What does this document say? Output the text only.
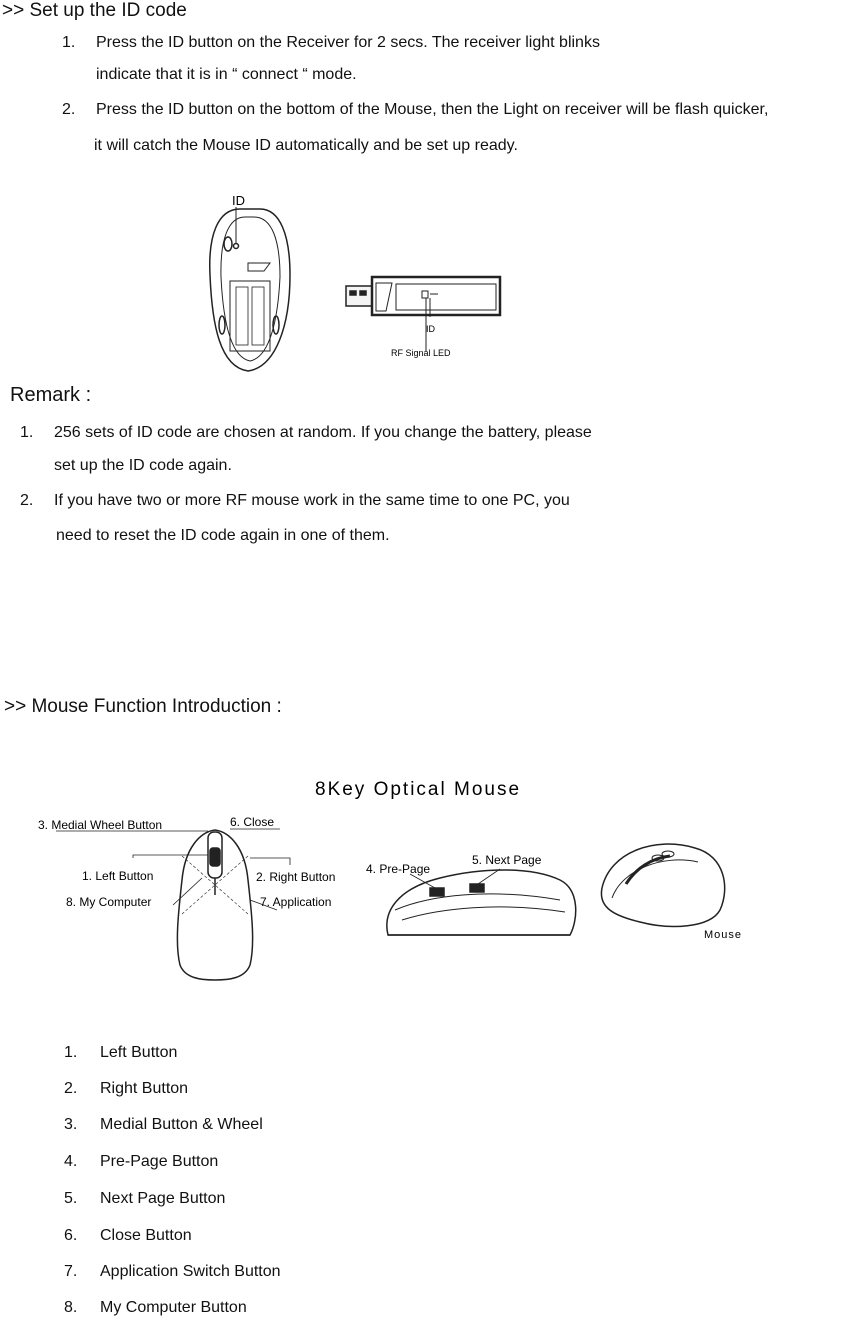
>> Set up the ID code
1. Press the ID button on the Receiver for 2 secs. The receiver light blinks
indicate that it is in “ connect “ mode.
2. Press the ID button on the bottom of the Mouse, then the Light on receiver will be flash quicker,
it will catch the Mouse ID automatically and be set up ready.
ID
ID
RF Signal LED
Remark :
1. 256 sets of ID code are chosen at random. If you change the battery, please
set up the ID code again.
2. If you have two or more RF mouse work in the same time to one PC, you
need to reset the ID code again in one of them.
>> Mouse Function Introduction :
8Key Optical Mouse
3. Medial Wheel Button	6. Close
1. Left Button	2. Right Button
8. My Computer	7. Application
4. Pre-Page
5. Next Page
Mouse
1. Left Button
2. Right Button
3. Medial Button & Wheel
4. Pre-Page Button
5. Next Page Button
6. Close Button
7. Application Switch Button
8. My Computer Button
